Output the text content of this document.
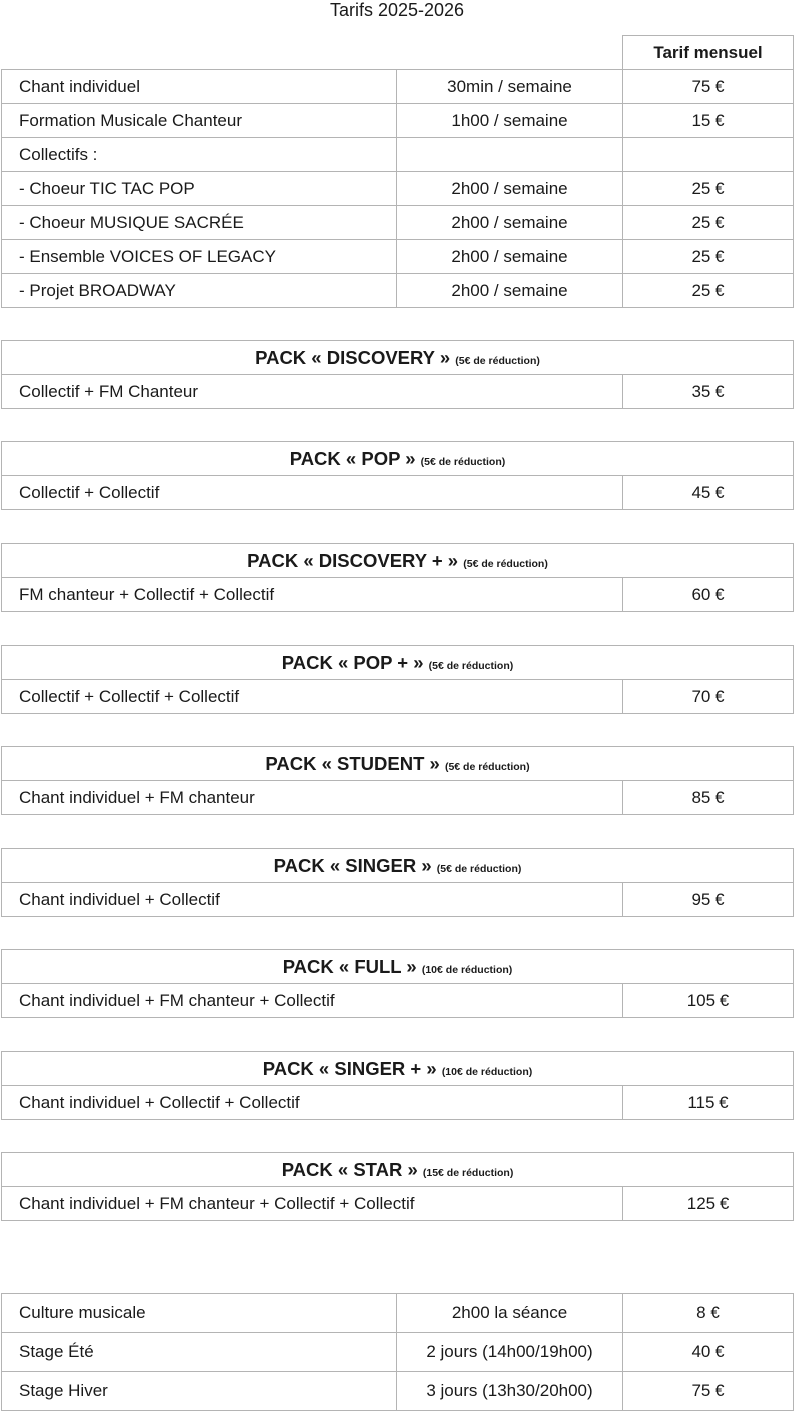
Tarifs 2025-2026
		Tarif mensuel
Chant individuel	30min / semaine	75 €
Formation Musicale Chanteur	1h00 / semaine	15 €
Collectifs :		
- Choeur TIC TAC POP	2h00 / semaine	25 €
- Choeur MUSIQUE SACRÉE	2h00 / semaine	25 €
- Ensemble VOICES OF LEGACY	2h00 / semaine	25 €
- Projet BROADWAY	2h00 / semaine	25 €
PACK « DISCOVERY » (5€ de réduction)
Collectif + FM Chanteur	35 €
PACK « POP » (5€ de réduction)
Collectif + Collectif	45 €
PACK « DISCOVERY + » (5€ de réduction)
FM chanteur + Collectif + Collectif	60 €
PACK « POP + » (5€ de réduction)
Collectif + Collectif + Collectif	70 €
PACK « STUDENT » (5€ de réduction)
Chant individuel + FM chanteur	85 €
PACK « SINGER » (5€ de réduction)
Chant individuel + Collectif	95 €
PACK « FULL » (10€ de réduction)
Chant individuel + FM chanteur + Collectif	105 €
PACK « SINGER + » (10€ de réduction)
Chant individuel + Collectif + Collectif	115 €
PACK « STAR » (15€ de réduction)
Chant individuel + FM chanteur + Collectif + Collectif	125 €
Culture musicale	2h00 la séance	8 €
Stage Été	2 jours (14h00/19h00)	40 €
Stage Hiver	3 jours (13h30/20h00)	75 €
